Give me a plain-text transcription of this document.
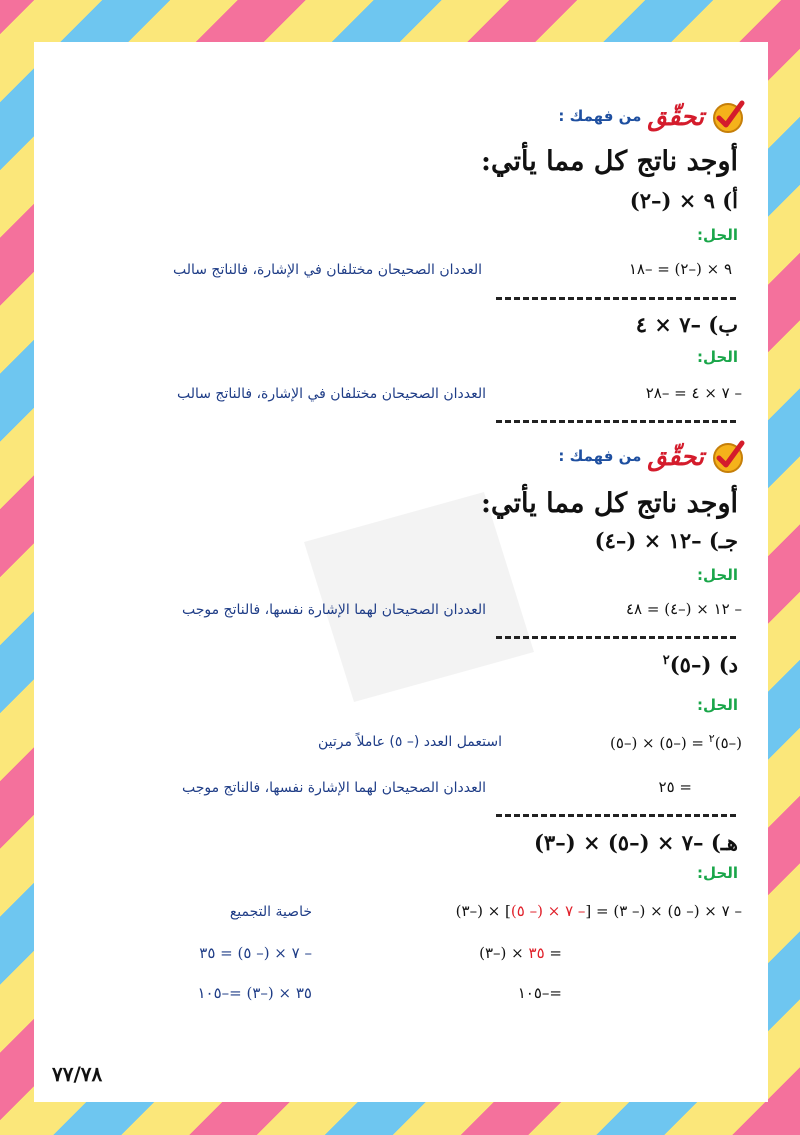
تحقّق
من فهمك :
أوجد ناتج كل مما يأتي:
أ) ٩ × (–٢)
الحل:
٩ × (–٢) = –١٨
العددان الصحيحان مختلفان في الإشارة، فالناتج سالب
ب) –٧ × ٤
الحل:
– ٧ × ٤ = –٢٨
العددان الصحيحان مختلفان في الإشارة، فالناتج سالب
تحقّق
من فهمك :
أوجد ناتج كل مما يأتي:
جـ) –١٢ × (–٤)
الحل:
– ١٢ × (–٤) = ٤٨
العددان الصحيحان لهما الإشارة نفسها، فالناتج موجب
د) (–٥)$^٢$
الحل:
(–٥)$^٢$ = (–٥) × (–٥)
استعمل العدد (– ٥) عاملاً مرتين
= ٢٥
العددان الصحيحان لهما الإشارة نفسها، فالناتج موجب
هـ) –٧ × (–٥) × (–٣)
الحل:
– ٧ × (– ٥) × (– ٣) = [– ٧ × (– ٥)] × (–٣)
خاصية التجميع
= ٣٥ × (–٣)
– ٧ × (– ٥) = ٣٥
=–١٠٥
٣٥ × (–٣) =–١٠٥
٧٧/٧٨
